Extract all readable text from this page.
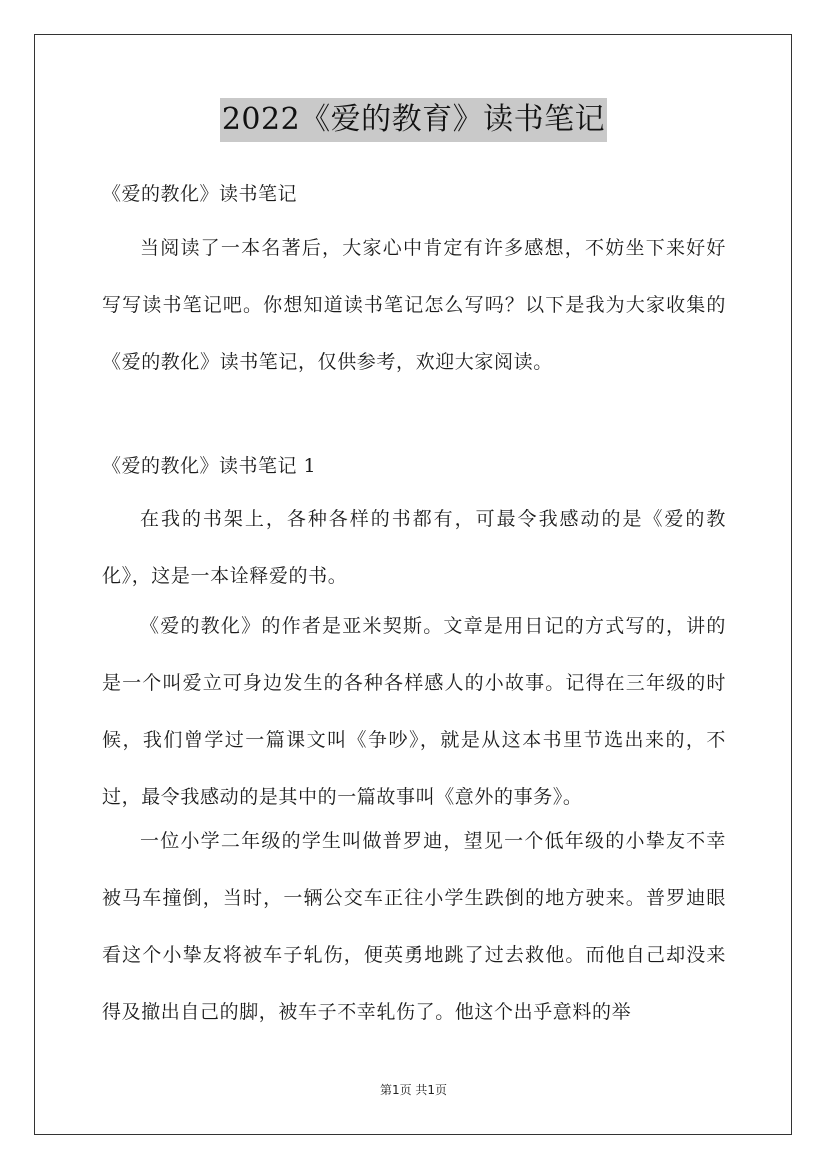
2022《爱的教育》读书笔记
《爱的教化》读书笔记

当阅读了一本名著后，大家心中肯定有许多感想，不妨坐下来好好写写读书笔记吧。你想知道读书笔记怎么写吗？以下是我为大家收集的《爱的教化》读书笔记，仅供参考，欢迎大家阅读。

《爱的教化》读书笔记 1

在我的书架上，各种各样的书都有，可最令我感动的是《爱的教化》，这是一本诠释爱的书。

《爱的教化》的作者是亚米契斯。文章是用日记的方式写的，讲的是一个叫爱立可身边发生的各种各样感人的小故事。记得在三年级的时候，我们曾学过一篇课文叫《争吵》，就是从这本书里节选出来的，不过，最令我感动的是其中的一篇故事叫《意外的事务》。

一位小学二年级的学生叫做普罗迪，望见一个低年级的小挚友不幸被马车撞倒，当时，一辆公交车正往小学生跌倒的地方驶来。普罗迪眼看这个小挚友将被车子轧伤，便英勇地跳了过去救他。而他自己却没来得及撤出自己的脚，被车子不幸轧伤了。他这个出乎意料的举

第1页 共1页
